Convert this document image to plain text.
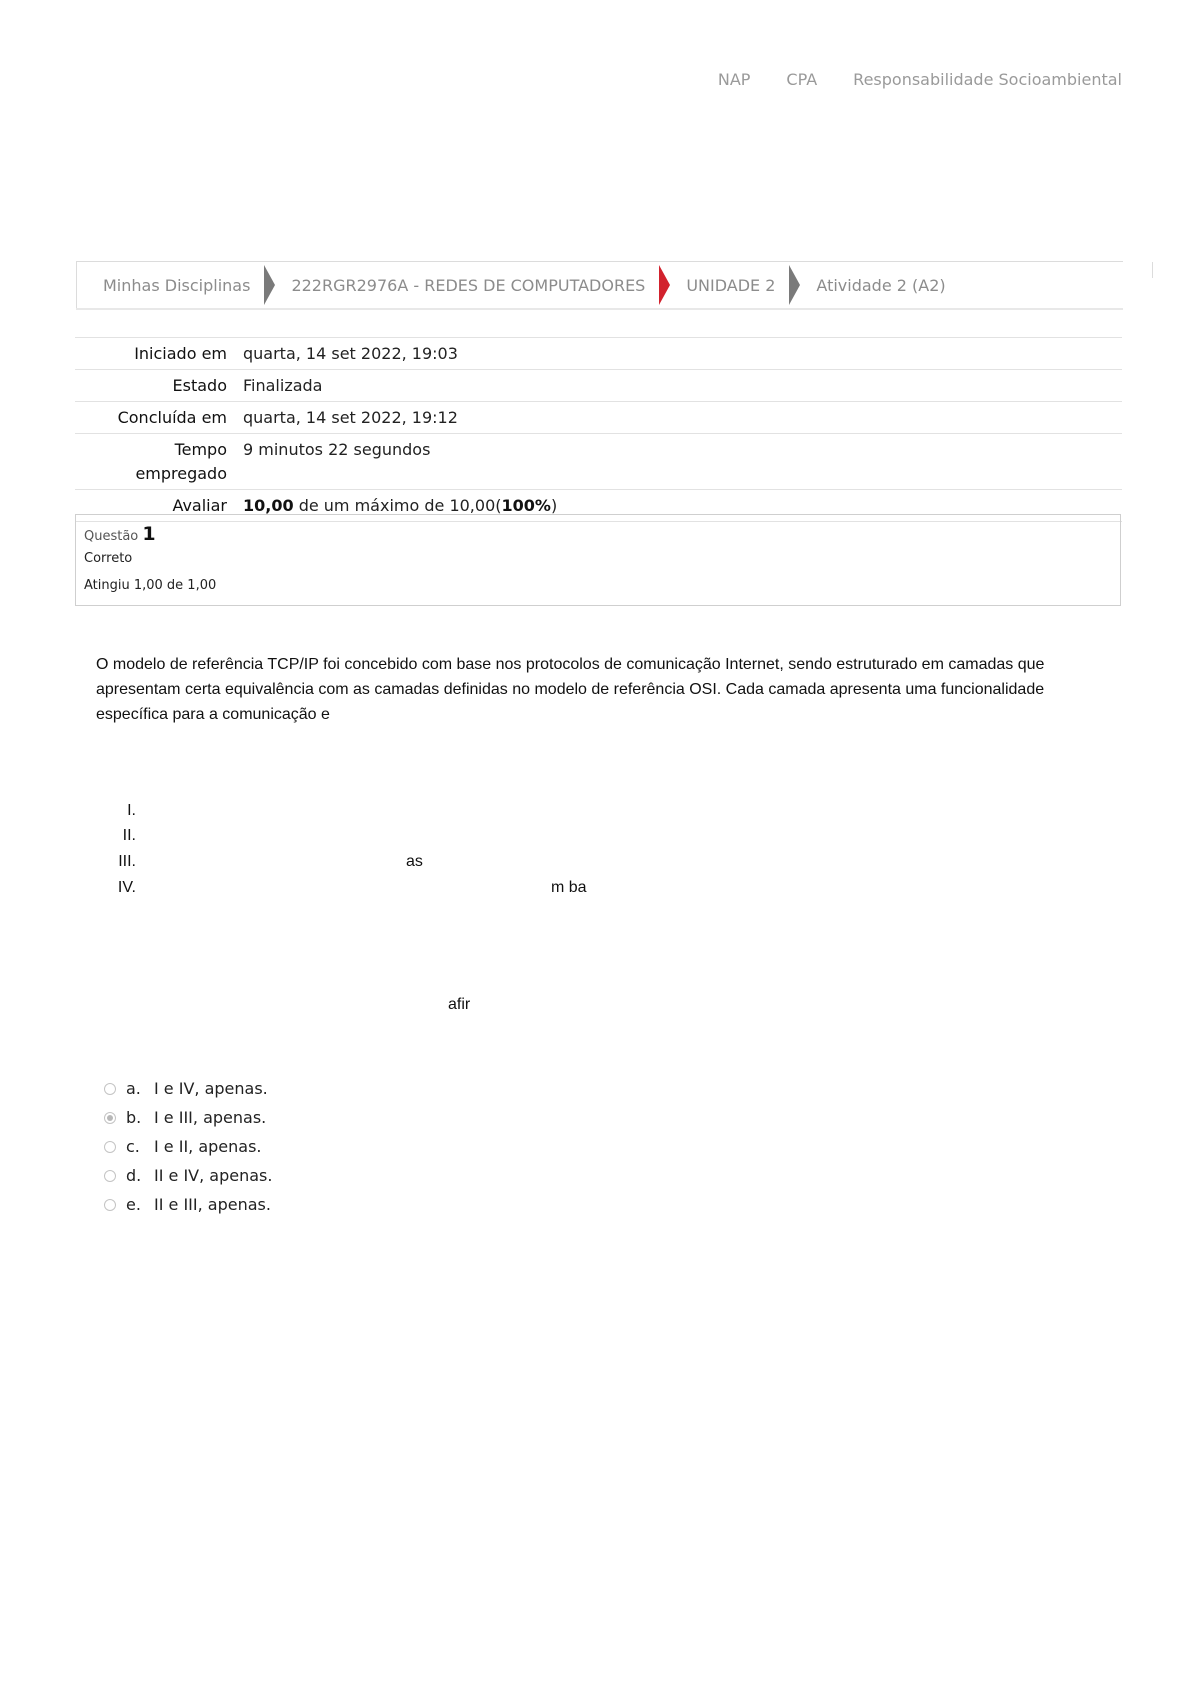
NAP CPA Responsabilidade Socioambiental
Minhas Disciplinas	222RGR2976A - REDES DE COMPUTADORES	UNIDADE 2	Atividade 2 (A2)
Iniciado em	quarta, 14 set 2022, 19:03
Estado	Finalizada
Concluída em	quarta, 14 set 2022, 19:12
Tempo
empregado	9 minutos 22 segundos
Avaliar	10,00 de um máximo de 10,00(100%)
Questão 1
Correto
Atingiu 1,00 de 1,00
O modelo de referência TCP/IP foi concebido com base nos protocolos de comunicação Internet, sendo estruturado em camadas que apresentam certa equivalência com as camadas definidas no modelo de referência OSI. Cada camada apresenta uma funcionalidade específica para a comunicação e
I.
II.
III.	as
IV.	m ba
afir
a. I e IV, apenas.
b. I e III, apenas.
c. I e II, apenas.
d. II e IV, apenas.
e. II e III, apenas.
